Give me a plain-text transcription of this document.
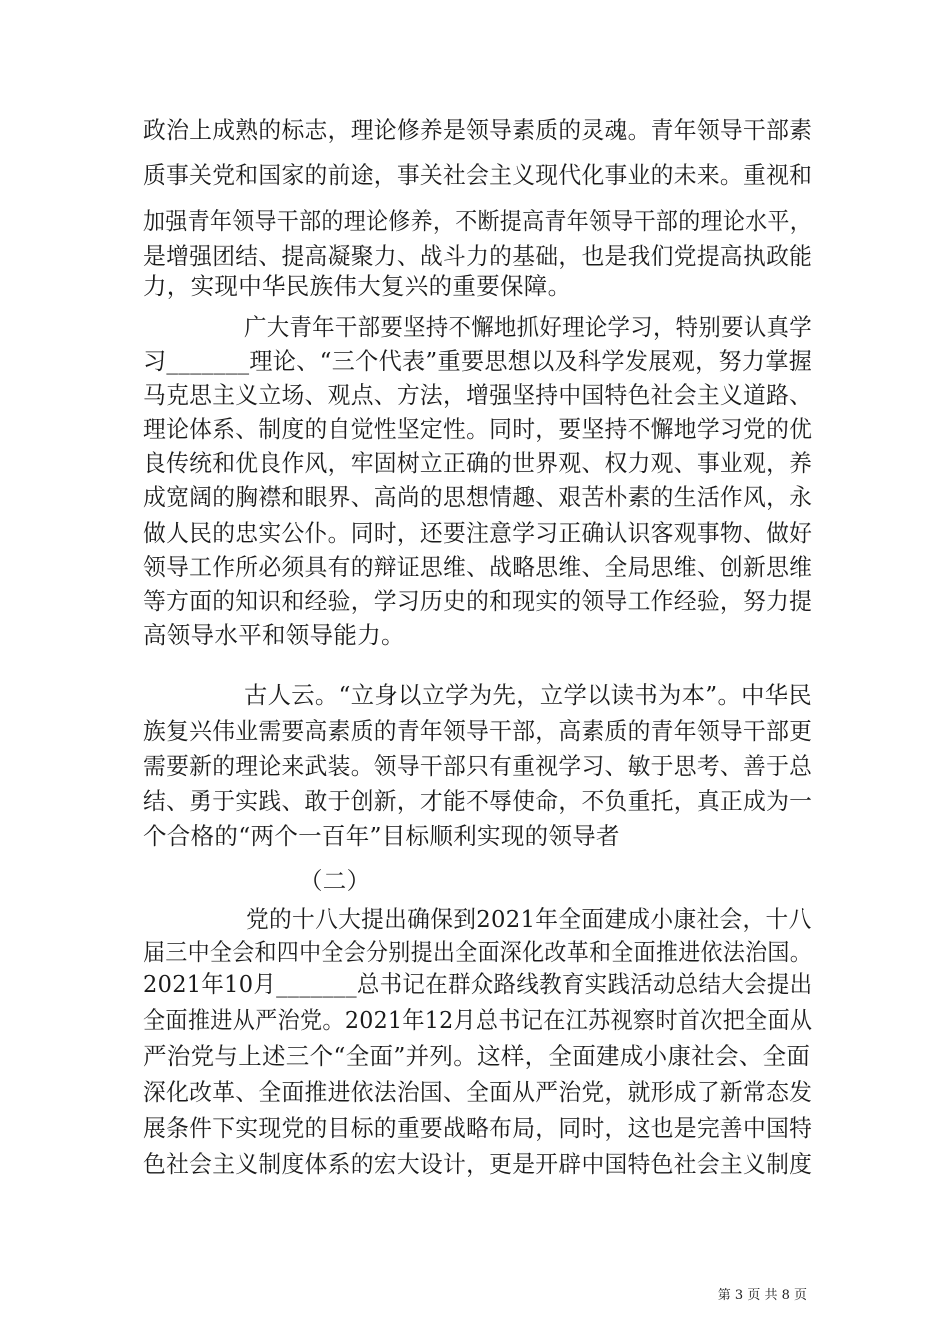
政治上成熟的标志，理论修养是领导素质的灵魂。青年领导干部素
质事关党和国家的前途，事关社会主义现代化事业的未来。重视和
加强青年领导干部的理论修养，不断提高青年领导干部的理论水平，
是增强团结、提高凝聚力、战斗力的基础，也是我们党提高执政能
力，实现中华民族伟大复兴的重要保障。
广大青年干部要坚持不懈地抓好理论学习，特别要认真学
习_______理论、“三个代表”重要思想以及科学发展观，努力掌握
马克思主义立场、观点、方法，增强坚持中国特色社会主义道路、
理论体系、制度的自觉性坚定性。同时，要坚持不懈地学习党的优
良传统和优良作风，牢固树立正确的世界观、权力观、事业观，养
成宽阔的胸襟和眼界、高尚的思想情趣、艰苦朴素的生活作风，永
做人民的忠实公仆。同时，还要注意学习正确认识客观事物、做好
领导工作所必须具有的辩证思维、战略思维、全局思维、创新思维
等方面的知识和经验，学习历史的和现实的领导工作经验，努力提
高领导水平和领导能力。
古人云。“立身以立学为先，立学以读书为本”。中华民
族复兴伟业需要高素质的青年领导干部，高素质的青年领导干部更
需要新的理论来武装。领导干部只有重视学习、敏于思考、善于总
结、勇于实践、敢于创新，才能不辱使命，不负重托，真正成为一
个合格的“两个一百年”目标顺利实现的领导者
（二）
党的十八大提出确保到2021年全面建成小康社会，十八
届三中全会和四中全会分别提出全面深化改革和全面推进依法治国。
2021年10月_______总书记在群众路线教育实践活动总结大会提出
全面推进从严治党。2021年12月总书记在江苏视察时首次把全面从
严治党与上述三个“全面”并列。这样，全面建成小康社会、全面
深化改革、全面推进依法治国、全面从严治党，就形成了新常态发
展条件下实现党的目标的重要战略布局，同时，这也是完善中国特
色社会主义制度体系的宏大设计，更是开辟中国特色社会主义制度
第 3 页 共 8 页
